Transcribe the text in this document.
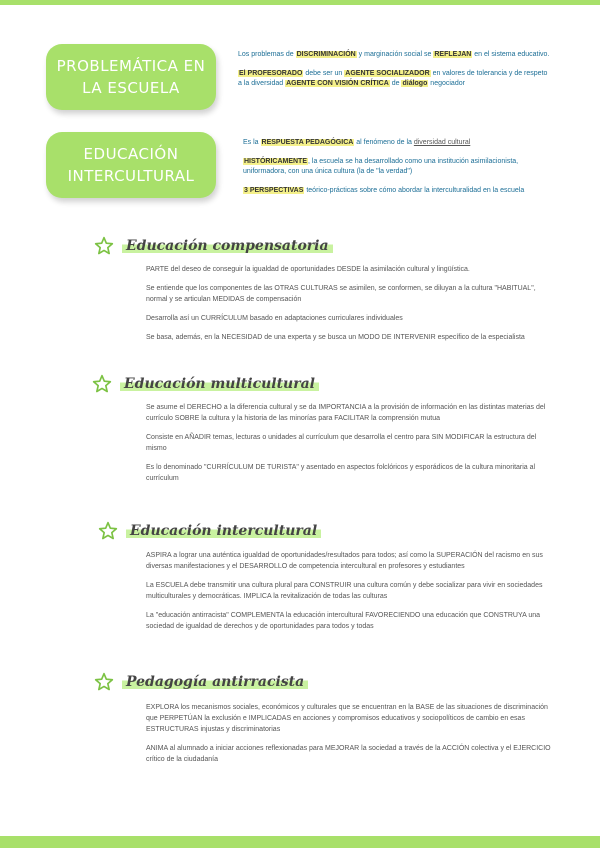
PROBLEMÁTICA EN
LA ESCUELA

Los problemas de DISCRIMINACIÓN y marginación social se REFLEJAN en el sistema educativo.

El PROFESORADO debe ser un AGENTE SOCIALIZADOR en valores de tolerancia y de respeto a la diversidad AGENTE CON VISIÓN CRÍTICA de diálogo negociador

EDUCACIÓN
INTERCULTURAL

Es la RESPUESTA PEDAGÓGICA al fenómeno de la diversidad cultural

HISTÓRICAMENTE, la escuela se ha desarrollado como una institución asimilacionista, uniformadora, con una única cultura (la de "la verdad")

3 PERSPECTIVAS teórico-prácticas sobre cómo abordar la interculturalidad en la escuela

Educación compensatoria

PARTE del deseo de conseguir la igualdad de oportunidades DESDE la asimilación cultural y lingüística.

Se entiende que los componentes de las OTRAS CULTURAS se asimilen, se conformen, se diluyan a la cultura "HABITUAL", normal y se articulan MEDIDAS de compensación

Desarrolla así un CURRÍCULUM basado en adaptaciones curriculares individuales

Se basa, además, en la NECESIDAD de una experta y se busca un MODO DE INTERVENIR específico de la especialista

Educación multicultural

Se asume el DERECHO a la diferencia cultural y se da IMPORTANCIA a la provisión de información en las distintas materias del currículo SOBRE la cultura y la historia de las minorías para FACILITAR la comprensión mutua

Consiste en AÑADIR temas, lecturas o unidades al currículum que desarrolla el centro para SIN MODIFICAR la estructura del mismo

Es lo denominado "CURRÍCULUM DE TURISTA" y asentado en aspectos folclóricos y esporádicos de la cultura minoritaria al currículum

Educación intercultural

ASPIRA a lograr una auténtica igualdad de oportunidades/resultados para todos; así como la SUPERACIÓN del racismo en sus diversas manifestaciones y el DESARROLLO de competencia intercultural en profesores y estudiantes

La ESCUELA debe transmitir una cultura plural para CONSTRUIR una cultura común y debe socializar para vivir en sociedades multiculturales y democráticas. IMPLICA la revitalización de todas las culturas

La "educación antirracista" COMPLEMENTA la educación intercultural FAVORECIENDO una educación que CONSTRUYA una sociedad de igualdad de derechos y de oportunidades para todos y todas

Pedagogía antirracista

EXPLORA los mecanismos sociales, económicos y culturales que se encuentran en la BASE de las situaciones de discriminación que PERPETÚAN la exclusión e IMPLICADAS en acciones y compromisos educativos y sociopolíticos de cambio en esas ESTRUCTURAS injustas y discriminatorias

ANIMA al alumnado a iniciar acciones reflexionadas para MEJORAR la sociedad a través de la ACCIÓN colectiva y el EJERCICIO crítico de la ciudadanía
